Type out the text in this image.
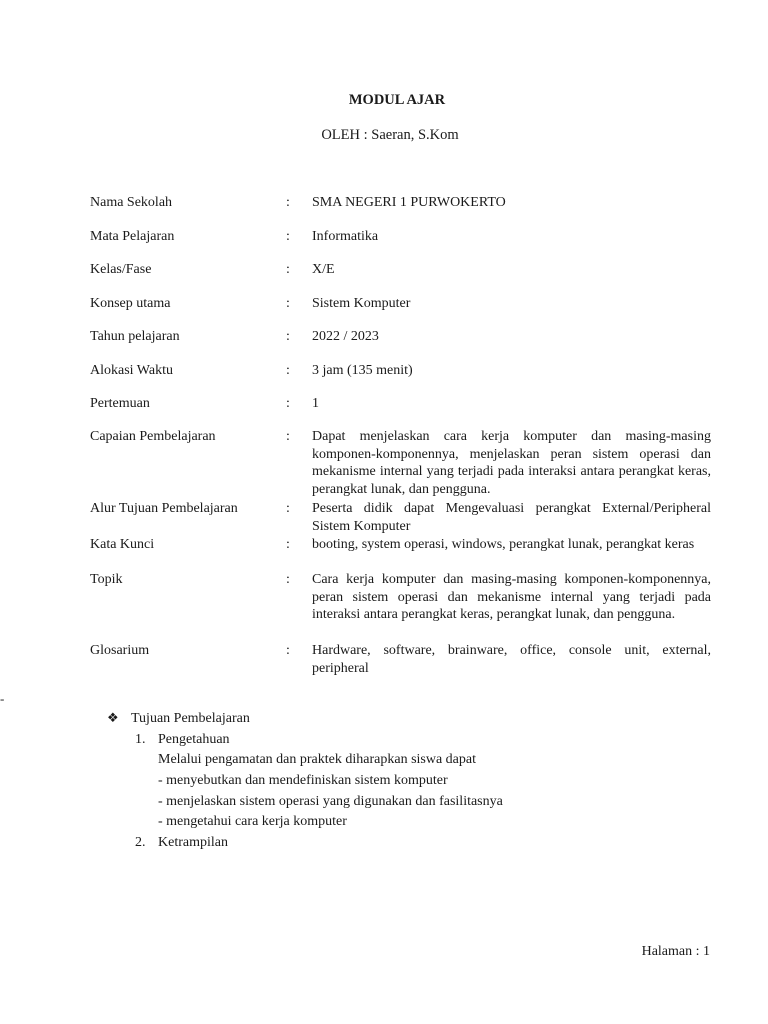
MODUL AJAR
OLEH : Saeran, S.Kom
Nama Sekolah	: SMA NEGERI 1 PURWOKERTO
Mata Pelajaran	: Informatika
Kelas/Fase	: X/E
Konsep utama	: Sistem Komputer
Tahun pelajaran	: 2022 / 2023
Alokasi Waktu	: 3 jam (135 menit)
Pertemuan	: 1
Capaian Pembelajaran	: Dapat menjelaskan cara kerja komputer dan masing-masing komponen-komponennya, menjelaskan peran sistem operasi dan mekanisme internal yang terjadi pada interaksi antara perangkat keras, perangkat lunak, dan pengguna.
Alur Tujuan Pembelajaran	: Peserta didik dapat Mengevaluasi perangkat External/Peripheral Sistem Komputer
Kata Kunci	: booting, system operasi, windows, perangkat lunak, perangkat keras
Topik	: Cara kerja komputer dan masing-masing komponen-komponennya, peran sistem operasi dan mekanisme internal yang terjadi pada interaksi antara perangkat keras, perangkat lunak, dan pengguna.
Glosarium	: Hardware, software, brainware, office, console unit, external, peripheral
-
❖ Tujuan Pembelajaran
1. Pengetahuan
Melalui pengamatan dan praktek diharapkan siswa dapat
- menyebutkan dan mendefiniskan sistem komputer
- menjelaskan sistem operasi yang digunakan dan fasilitasnya
- mengetahui cara kerja komputer
2. Ketrampilan
Halaman : 1
